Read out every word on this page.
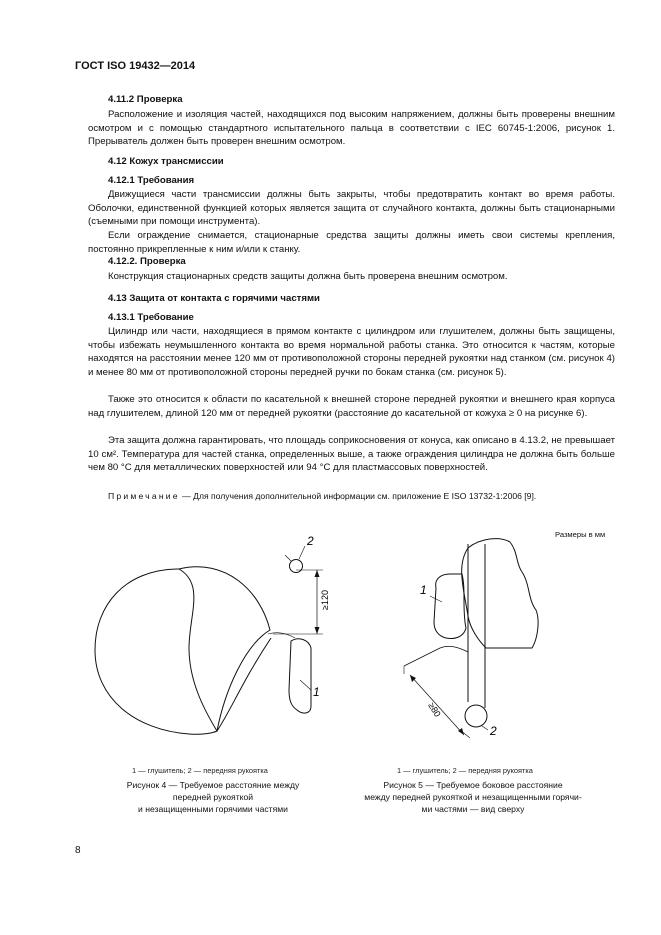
ГОСТ ISO 19432—2014
4.11.2 Проверка

Расположение и изоляция частей, находящихся под высоким напряжением, должны быть проверены внешним осмотром и с помощью стандартного испытательного пальца в соответствии с IEC 60745-1:2006, рисунок 1. Прерыватель должен быть проверен внешним осмотром.

4.12 Кожух трансмиссии
4.12.1 Требования

Движущиеся части трансмиссии должны быть закрыты, чтобы предотвратить контакт во время работы. Оболочки, единственной функцией которых является защита от случайного контакта, должны быть стационарными (съемными при помощи инструмента).

Если ограждение снимается, стационарные средства защиты должны иметь свои системы крепления, постоянно прикрепленные к ним и/или к станку.

4.12.2. Проверка

Конструкция стационарных средств защиты должна быть проверена внешним осмотром.

4.13 Защита от контакта с горячими частями
4.13.1 Требование

Цилиндр или части, находящиеся в прямом контакте с цилиндром или глушителем, должны быть защищены, чтобы избежать неумышленного контакта во время нормальной работы станка. Это относится к частям, которые находятся на расстоянии менее 120 мм от противоположной стороны передней рукоятки над станком (см. рисунок 4) и менее 80 мм от противоположной стороны передней ручки по бокам станка (см. рисунок 5).

Также это относится к области по касательной к внешней стороне передней рукоятки и внешнего края корпуса над глушителем, длиной 120 мм от передней рукоятки (расстояние до касательной от кожуха ≥ 0 на рисунке 6).

Эта защита должна гарантировать, что площадь соприкосновения от конуса, как описано в 4.13.2, не превышает 10 см². Температура для частей станка, определенных выше, а также ограждения цилиндра не должна быть больше чем 80 °С для металлических поверхностей или 94 °С для пластмассовых поверхностей.

Примечание — Для получения дополнительной информации см. приложение Е ISO 13732-1:2006 [9].
Размеры в мм
2
1
≥120
1
2
≥80
1 — глушитель; 2 — передняя рукоятка
Рисунок 4 — Требуемое расстояние между
передней рукояткой
и незащищенными горячими частями
1 — глушитель; 2 — передняя рукоятка
Рисунок 5 — Требуемое боковое расстояние
между передней рукояткой и незащищенными горячи-
ми частями — вид сверху
8
